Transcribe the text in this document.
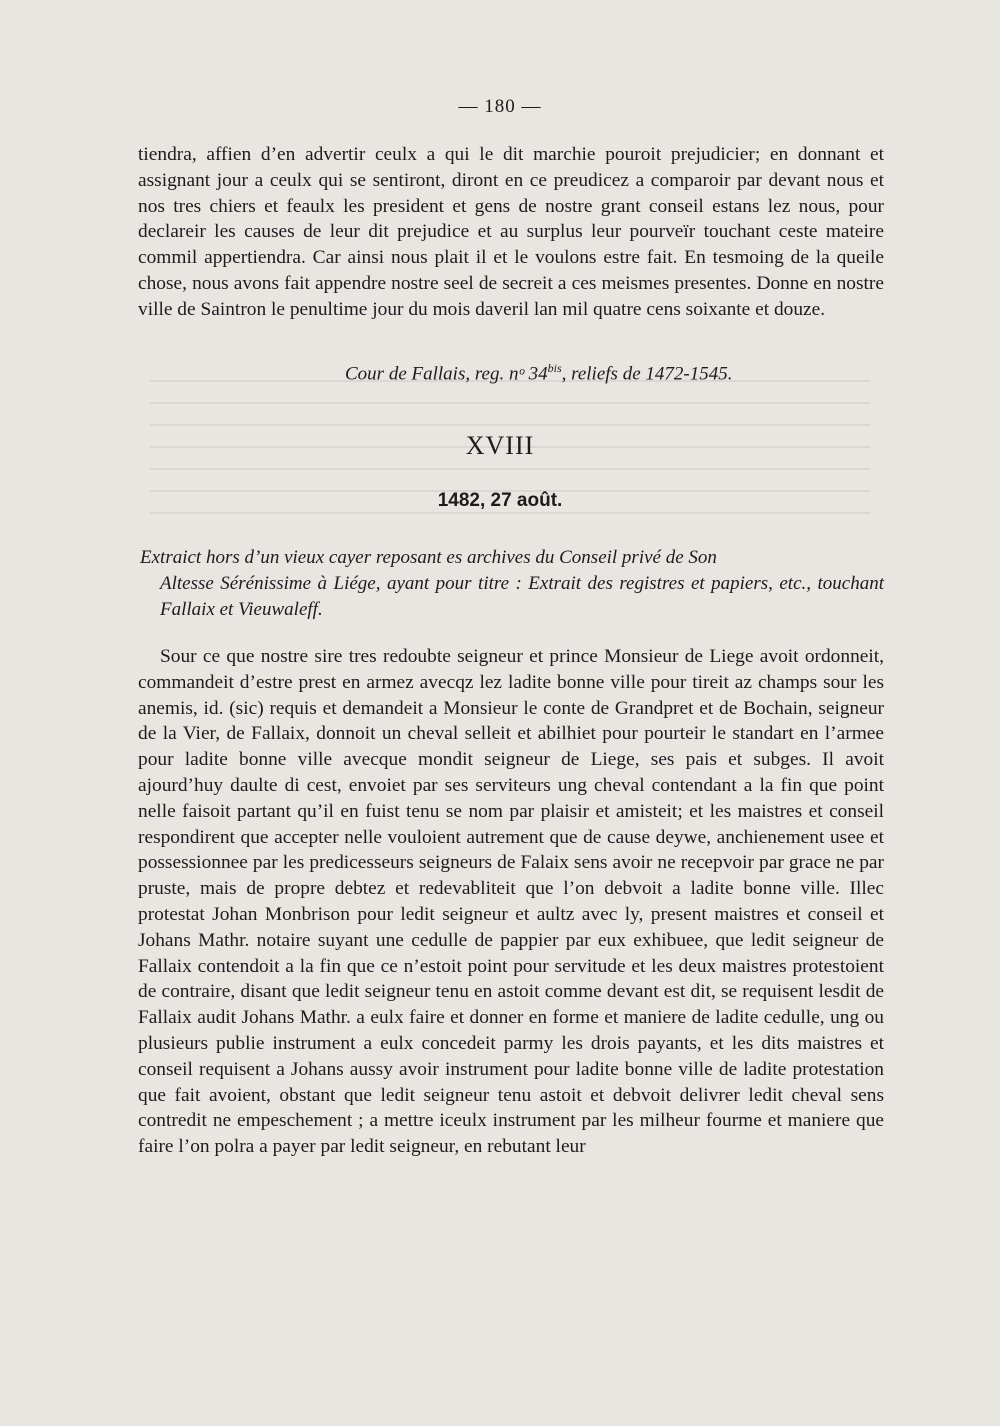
— 180 —

tiendra, affien d’en advertir ceulx a qui le dit marchie pouroit prejudicier; en donnant et assignant jour a ceulx qui se sentiront, diront en ce preudicez a comparoir par devant nous et nos tres chiers et feaulx les president et gens de nostre grant conseil estans lez nous, pour declareir les causes de leur dit prejudice et au surplus leur pourveïr touchant ceste mateire commil appertiendra. Car ainsi nous plait il et le voulons estre fait. En tesmoing de la queile chose, nous avons fait appendre nostre seel de secreit a ces meismes presentes. Donne en nostre ville de Saintron le penultime jour du mois daveril lan mil quatre cens soixante et douze.

Cour de Fallais, reg. nᵒ $34^{bis}$, reliefs de 1472-1545.
XVIII
1482, 27 août.

Extraict hors d’un vieux cayer reposant es archives du Conseil privé de Son
Altesse Sérénissime à Liége, ayant pour titre : Extrait des registres et papiers, etc., touchant Fallaix et Vieuwaleff.

Sour ce que nostre sire tres redoubte seigneur et prince Monsieur de Liege avoit ordonneit, commandeit d’estre prest en armez avecqz lez ladite bonne ville pour tireit az champs sour les anemis, id. (sic) requis et demandeit a Monsieur le conte de Grandpret et de Bochain, seigneur de la Vier, de Fallaix, donnoit un cheval selleit et abilhiet pour pourteir le standart en l’armee pour ladite bonne ville avecque mondit seigneur de Liege, ses pais et subges. Il avoit ajourd’huy daulte di cest, envoiet par ses serviteurs ung cheval contendant a la fin que point nelle faisoit partant qu’il en fuist tenu se nom par plaisir et amisteit; et les maistres et conseil respondirent que accepter nelle vouloient autrement que de cause deywe, anchienement usee et possessionnee par les predicesseurs seigneurs de Falaix sens avoir ne recepvoir par grace ne par pruste, mais de propre debtez et redevabliteit que l’on debvoit a ladite bonne ville. Illec protestat Johan Monbrison pour ledit seigneur et aultz avec ly, present maistres et conseil et Johans Mathr. notaire suyant une cedulle de pappier par eux exhibuee, que ledit seigneur de Fallaix contendoit a la fin que ce n’estoit point pour servitude et les deux maistres protestoient de contraire, disant que ledit seigneur tenu en astoit comme devant est dit, se requisent lesdit de Fallaix audit Johans Mathr. a eulx faire et donner en forme et maniere de ladite cedulle, ung ou plusieurs publie instrument a eulx concedeit parmy les drois payants, et les dits maistres et conseil requisent a Johans aussy avoir instrument pour ladite bonne ville de ladite protestation que fait avoient, obstant que ledit seigneur tenu astoit et debvoit delivrer ledit cheval sens contredit ne empeschement ; a mettre iceulx instrument par les milheur fourme et maniere que faire l’on polra a payer par ledit seigneur, en rebutant leur
